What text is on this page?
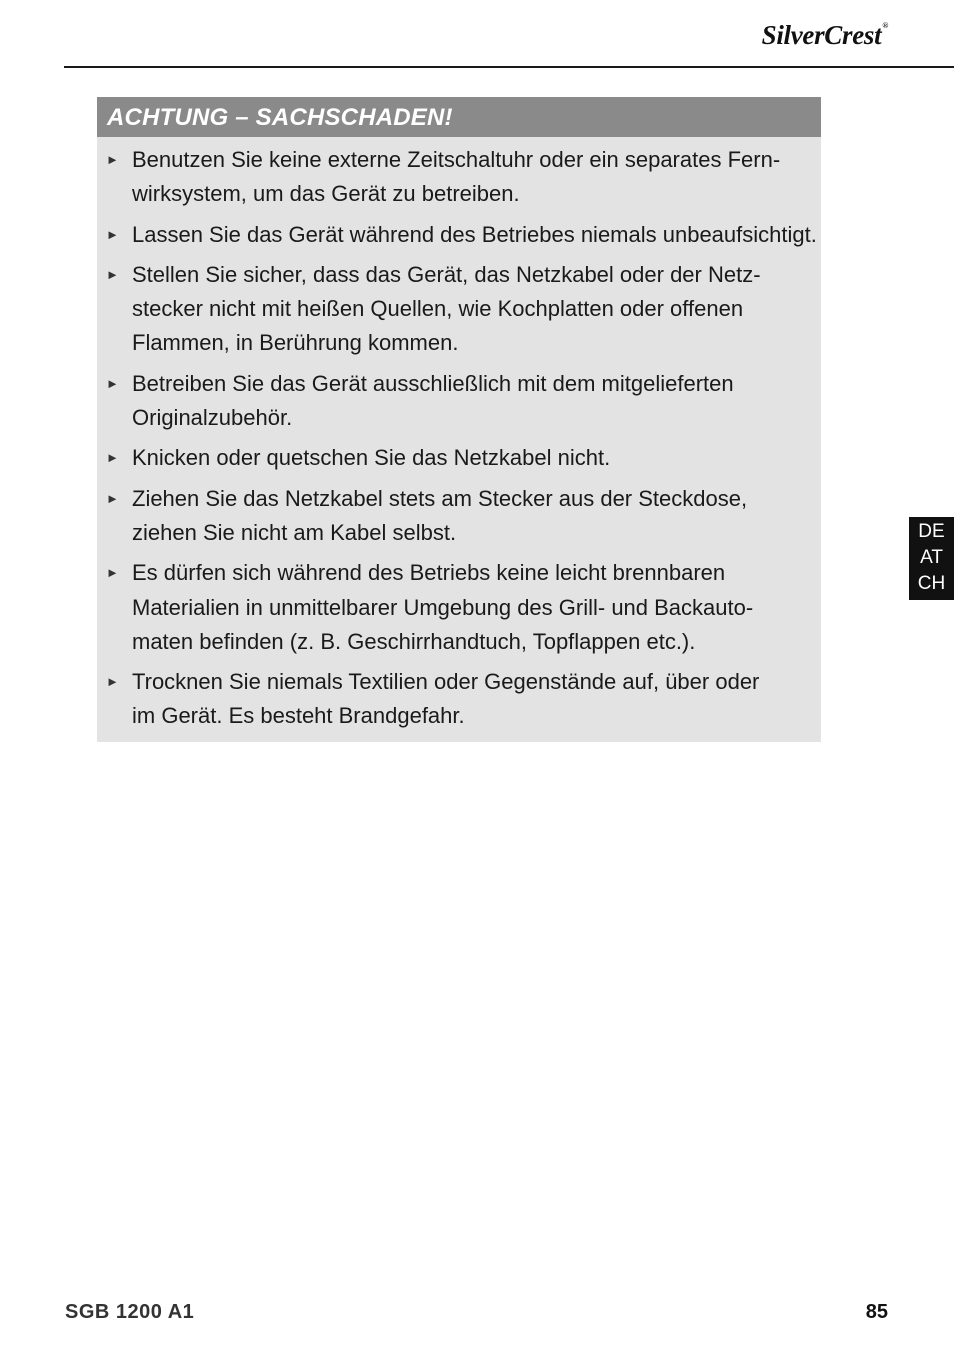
SilverCrest®
ACHTUNG – SACHSCHADEN!
► Benutzen Sie keine externe Zeitschaltuhr oder ein separates Fern-
wirksystem, um das Gerät zu betreiben.
► Lassen Sie das Gerät während des Betriebes niemals unbeaufsichtigt.
► Stellen Sie sicher, dass das Gerät, das Netzkabel oder der Netz-
stecker nicht mit heißen Quellen, wie Kochplatten oder offenen
Flammen, in Berührung kommen.
► Betreiben Sie das Gerät ausschließlich mit dem mitgelieferten
Originalzubehör.
► Knicken oder quetschen Sie das Netzkabel nicht.
► Ziehen Sie das Netzkabel stets am Stecker aus der Steckdose,
ziehen Sie nicht am Kabel selbst.
► Es dürfen sich während des Betriebs keine leicht brennbaren
Materialien in unmittelbarer Umgebung des Grill- und Backauto-
maten befinden (z. B. Geschirrhandtuch, Topflappen etc.).
► Trocknen Sie niemals Textilien oder Gegenstände auf, über oder
im Gerät. Es besteht Brandgefahr.
DE
AT
CH
SGB 1200 A1	85
